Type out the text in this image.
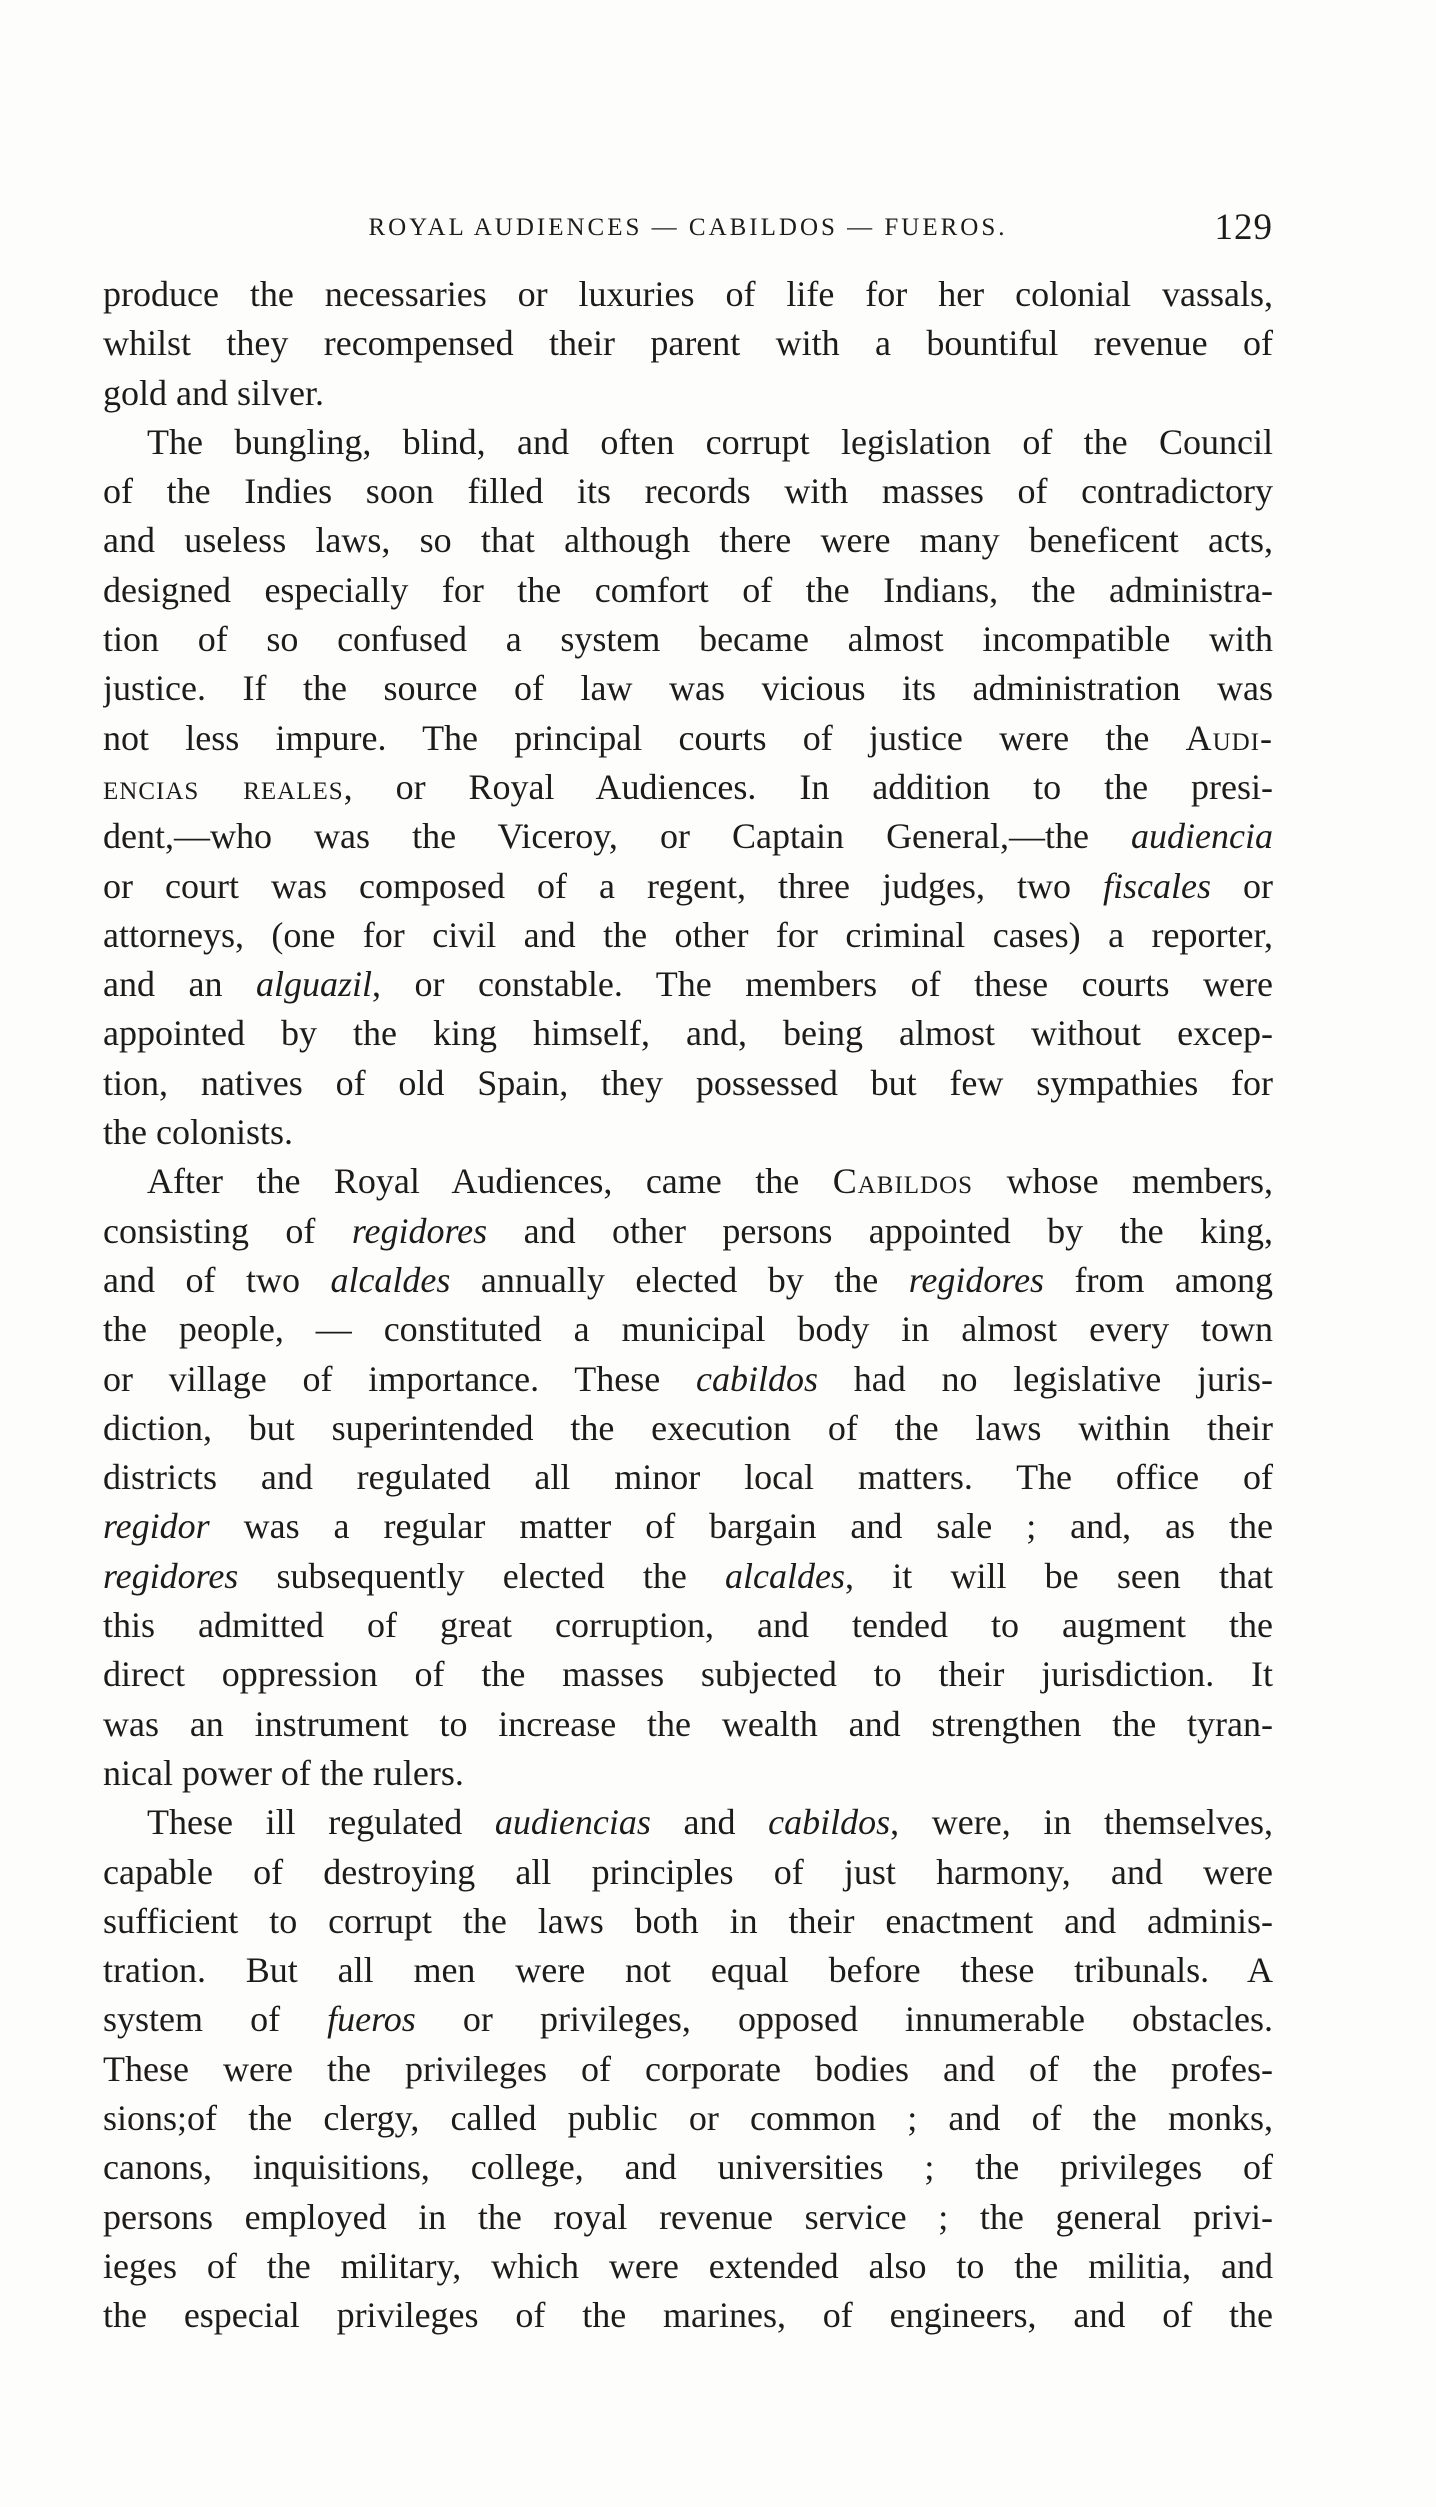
ROYAL AUDIENCES — CABILDOS — FUEROS.	129
produce the necessaries or luxuries of life for her colonial vassals,
whilst they recompensed their parent with a bountiful revenue of
gold and silver.
The bungling, blind, and often corrupt legislation of the Council
of the Indies soon filled its records with masses of contradictory
and useless laws, so that although there were many beneficent acts,
designed especially for the comfort of the Indians, the administra-
tion of so confused a system became almost incompatible with
justice. If the source of law was vicious its administration was
not less impure. The principal courts of justice were the Audi-
encias reales, or Royal Audiences. In addition to the presi-
dent,—who was the Viceroy, or Captain General,—the audiencia
or court was composed of a regent, three judges, two fiscales or
attorneys, (one for civil and the other for criminal cases) a reporter,
and an alguazil, or constable. The members of these courts were
appointed by the king himself, and, being almost without excep-
tion, natives of old Spain, they possessed but few sympathies for
the colonists.
After the Royal Audiences, came the Cabildos whose members,
consisting of regidores and other persons appointed by the king,
and of two alcaldes annually elected by the regidores from among
the people, — constituted a municipal body in almost every town
or village of importance. These cabildos had no legislative juris-
diction, but superintended the execution of the laws within their
districts and regulated all minor local matters. The office of
regidor was a regular matter of bargain and sale ; and, as the
regidores subsequently elected the alcaldes, it will be seen that
this admitted of great corruption, and tended to augment the
direct oppression of the masses subjected to their jurisdiction. It
was an instrument to increase the wealth and strengthen the tyran-
nical power of the rulers.
These ill regulated audiencias and cabildos, were, in themselves,
capable of destroying all principles of just harmony, and were
sufficient to corrupt the laws both in their enactment and adminis-
tration. But all men were not equal before these tribunals. A
system of fueros or privileges, opposed innumerable obstacles.
These were the privileges of corporate bodies and of the profes-
sions;of the clergy, called public or common ; and of the monks,
canons, inquisitions, college, and universities ; the privileges of
persons employed in the royal revenue service ; the general privi-
ieges of the military, which were extended also to the militia, and
the especial privileges of the marines, of engineers, and of the
